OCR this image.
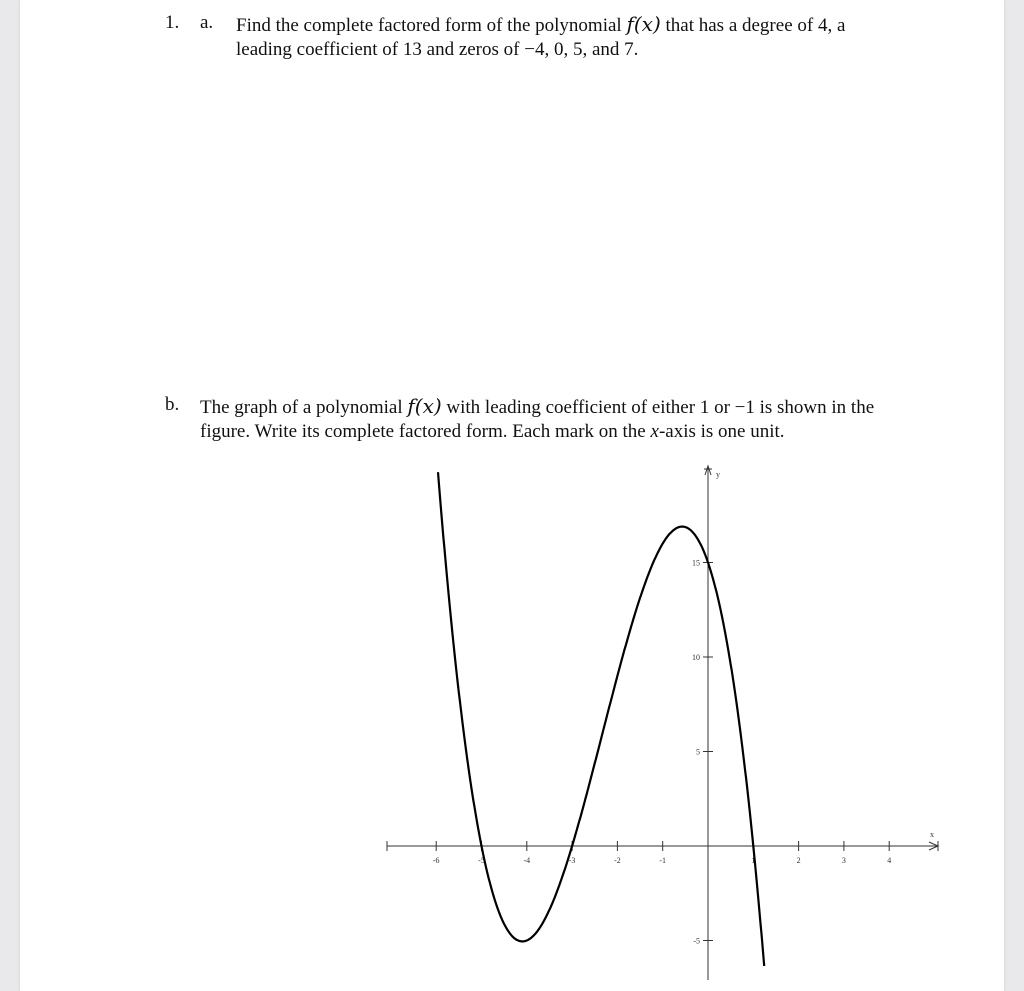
1. a. Find the complete factored form of the polynomial f(x) that has a degree of 4, a leading coefficient of 13 and zeros of −4, 0, 5, and 7.
b. The graph of a polynomial f(x) with leading coefficient of either 1 or −1 is shown in the figure. Write its complete factored form. Each mark on the x-axis is one unit.
x
y
-6	-5	-4	-3	-2	-1	1	2	3	4
-5
5
10
15
